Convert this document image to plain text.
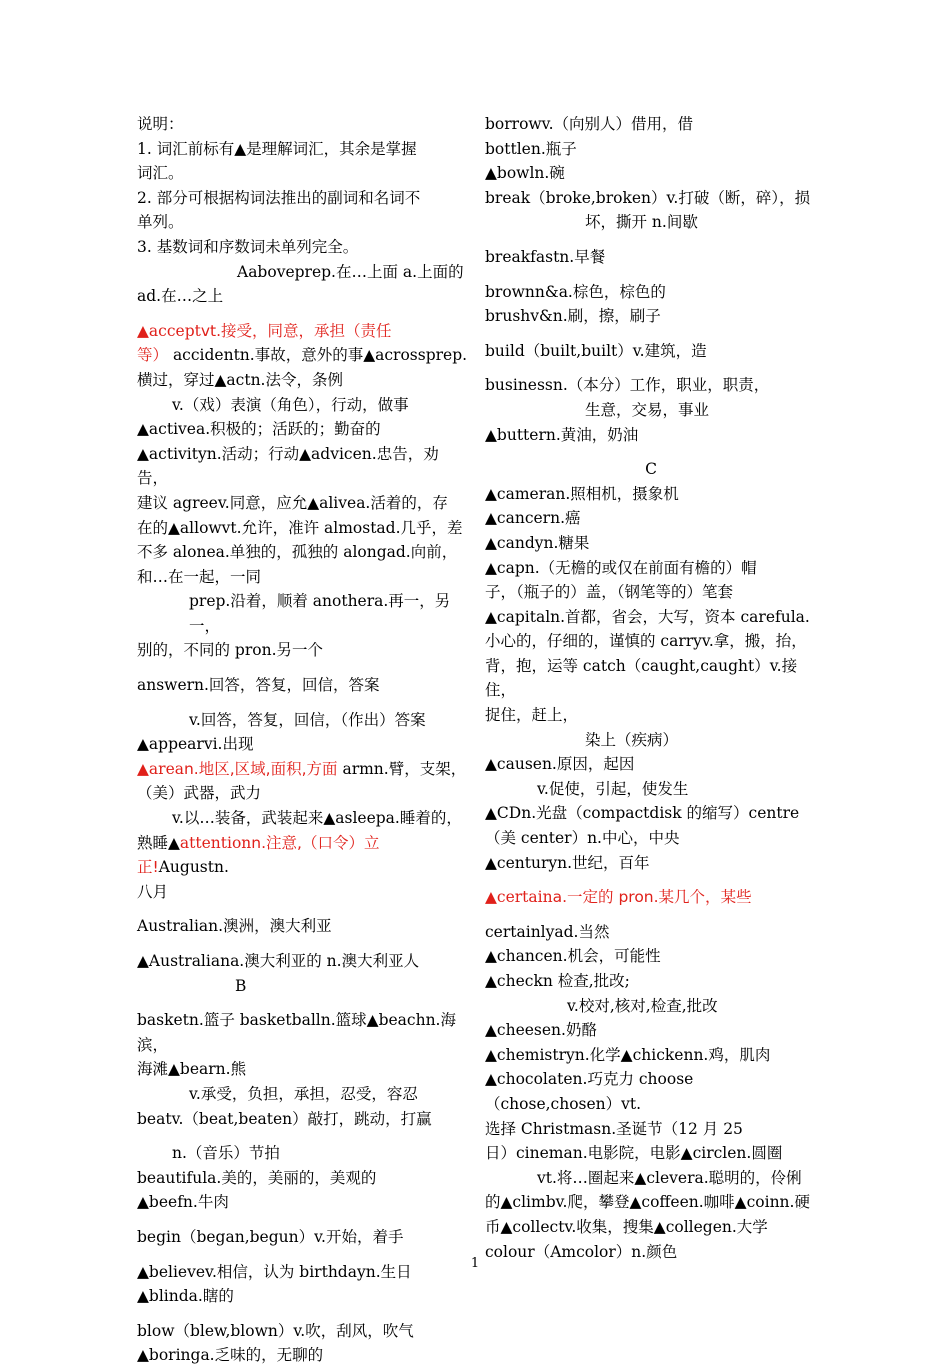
说明：

1. 词汇前标有▲是理解词汇，其余是掌握

词汇。

2. 部分可根据构词法推出的副词和名词不

单列。

3. 基数词和序数词未单列完全。

Aaboveprep.在…上面 a.上面的

ad.在…之上

▲acceptvt.接受，同意，承担（责任

等） accidentn.事故，意外的事▲acrossprep.

横过，穿过▲actn.法令，条例

v.（戏）表演（角色），行动，做事

▲activea.积极的；活跃的；勤奋的

▲activityn.活动；行动▲advicen.忠告，劝告，

建议 agreev.同意，应允▲alivea.活着的，存

在的▲allowvt.允许，准许 almostad.几乎，差

不多 alonea.单独的，孤独的 alongad.向前，

和…在一起，一同

prep.沿着，顺着 anothera.再一，另一，

别的，不同的 pron.另一个

answern.回答，答复，回信，答案

v.回答，答复，回信，（作出）答案

▲appearvi.出现

▲arean.地区,区域,面积,方面 armn.臂，支架，

（美）武器，武力

v.以…装备，武装起来▲asleepa.睡着的，

熟睡▲attentionn.注意,（口令）立正!Augustn.

八月

Australian.澳洲，澳大利亚

▲Australiana.澳大利亚的 n.澳大利亚人

B

basketn.篮子 basketballn.篮球▲beachn.海滨，

海滩▲bearn.熊

v.承受，负担，承担，忍受，容忍

beatv.（beat,beaten）敲打，跳动，打赢

n.（音乐）节拍

beautifula.美的，美丽的，美观的

▲beefn.牛肉

begin（began,begun）v.开始，着手

▲believev.相信，认为 birthdayn.生日

▲blinda.瞎的

blow（blew,blown）v.吹，刮风，吹气

▲boringa.乏味的，无聊的

borrowv.（向别人）借用，借

bottlen.瓶子

▲bowln.碗

break（broke,broken）v.打破（断，碎），损

坏，撕开 n.间歇

breakfastn.早餐

brownn&a.棕色，棕色的

brushv&n.刷，擦，刷子

build（built,built）v.建筑，造

businessn.（本分）工作，职业，职责，

生意，交易，事业

▲buttern.黄油，奶油

C

▲cameran.照相机，摄象机

▲cancern.癌

▲candyn.糖果

▲capn.（无檐的或仅在前面有檐的）帽

子，（瓶子的）盖，（钢笔等的）笔套

▲capitaln.首都，省会，大写，资本 carefula.

小心的，仔细的，谨慎的 carryv.拿，搬，抬，

背，抱，运等 catch（caught,caught）v.接住，

捉住，赶上，

染上（疾病）

▲causen.原因，起因

v.促使，引起，使发生

▲CDn.光盘（compactdisk 的缩写）centre

（美 center）n.中心，中央

▲centuryn.世纪，百年

▲certaina.一定的 pron.某几个，某些

certainlyad.当然

▲chancen.机会，可能性

▲checkn 检查,批改;

v.校对,核对,检查,批改

▲cheesen.奶酪

▲chemistryn.化学▲chickenn.鸡，肌肉

▲chocolaten.巧克力 choose（chose,chosen）vt.

选择 Christmasn.圣诞节（12 月 25

日）cineman.电影院，电影▲circlen.圆圈

vt.将…圈起来▲clevera.聪明的，伶俐

的▲climbv.爬，攀登▲coffeen.咖啡▲coinn.硬

币▲collectv.收集，搜集▲collegen.大学

colour（Amcolor）n.颜色

1
